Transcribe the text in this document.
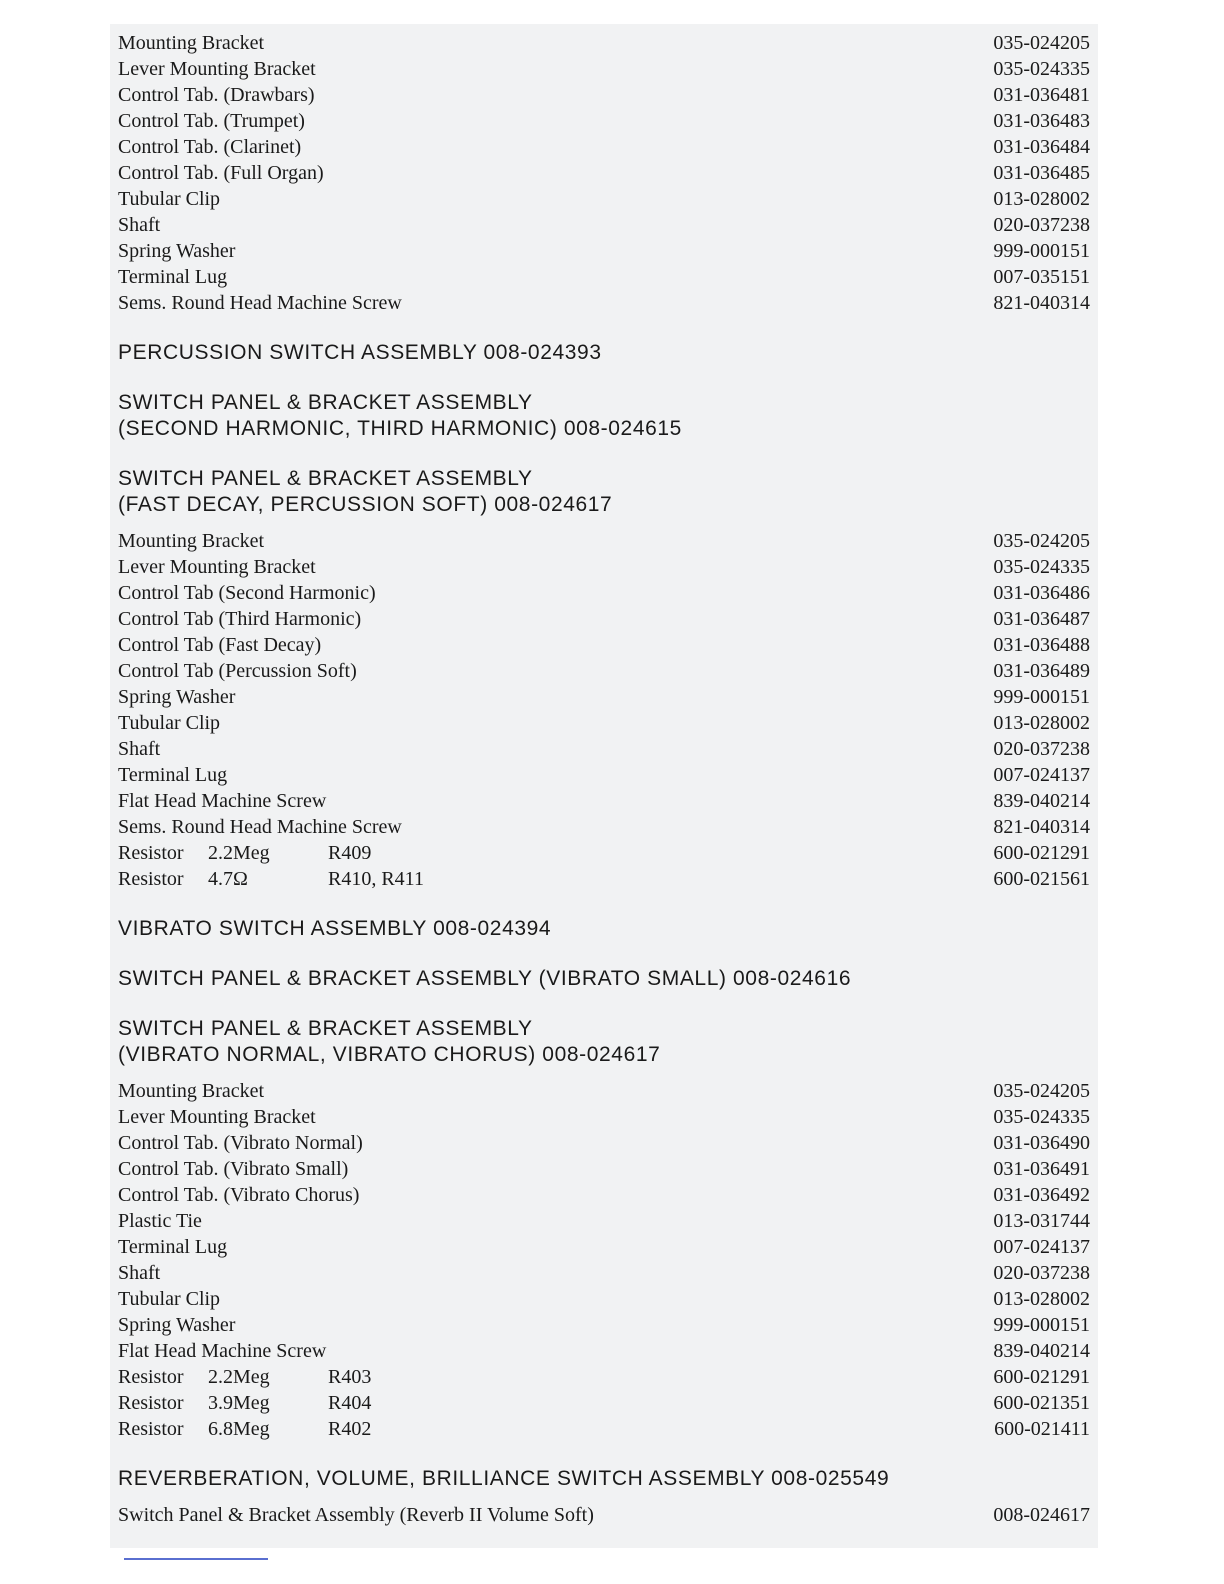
Mounting Bracket	035-024205
Lever Mounting Bracket	035-024335
Control Tab. (Drawbars)	031-036481
Control Tab. (Trumpet)	031-036483
Control Tab. (Clarinet)	031-036484
Control Tab. (Full Organ)	031-036485
Tubular Clip	013-028002
Shaft	020-037238
Spring Washer	999-000151
Terminal Lug	007-035151
Sems. Round Head Machine Screw	821-040314
PERCUSSION SWITCH ASSEMBLY 008-024393
SWITCH PANEL & BRACKET ASSEMBLY
(SECOND HARMONIC, THIRD HARMONIC) 008-024615
SWITCH PANEL & BRACKET ASSEMBLY
(FAST DECAY, PERCUSSION SOFT) 008-024617
Mounting Bracket	035-024205
Lever Mounting Bracket	035-024335
Control Tab (Second Harmonic)	031-036486
Control Tab (Third Harmonic)	031-036487
Control Tab (Fast Decay)	031-036488
Control Tab (Percussion Soft)	031-036489
Spring Washer	999-000151
Tubular Clip	013-028002
Shaft	020-037238
Terminal Lug	007-024137
Flat Head Machine Screw	839-040214
Sems. Round Head Machine Screw	821-040314
Resistor	2.2Meg	R409	600-021291
Resistor	4.7Ω	R410, R411	600-021561
VIBRATO SWITCH ASSEMBLY 008-024394
SWITCH PANEL & BRACKET ASSEMBLY (VIBRATO SMALL) 008-024616
SWITCH PANEL & BRACKET ASSEMBLY
(VIBRATO NORMAL, VIBRATO CHORUS) 008-024617
Mounting Bracket	035-024205
Lever Mounting Bracket	035-024335
Control Tab. (Vibrato Normal)	031-036490
Control Tab. (Vibrato Small)	031-036491
Control Tab. (Vibrato Chorus)	031-036492
Plastic Tie	013-031744
Terminal Lug	007-024137
Shaft	020-037238
Tubular Clip	013-028002
Spring Washer	999-000151
Flat Head Machine Screw	839-040214
Resistor	2.2Meg	R403	600-021291
Resistor	3.9Meg	R404	600-021351
Resistor	6.8Meg	R402	600-021411
REVERBERATION, VOLUME, BRILLIANCE SWITCH ASSEMBLY 008-025549
Switch Panel & Bracket Assembly (Reverb II Volume Soft)	008-024617
